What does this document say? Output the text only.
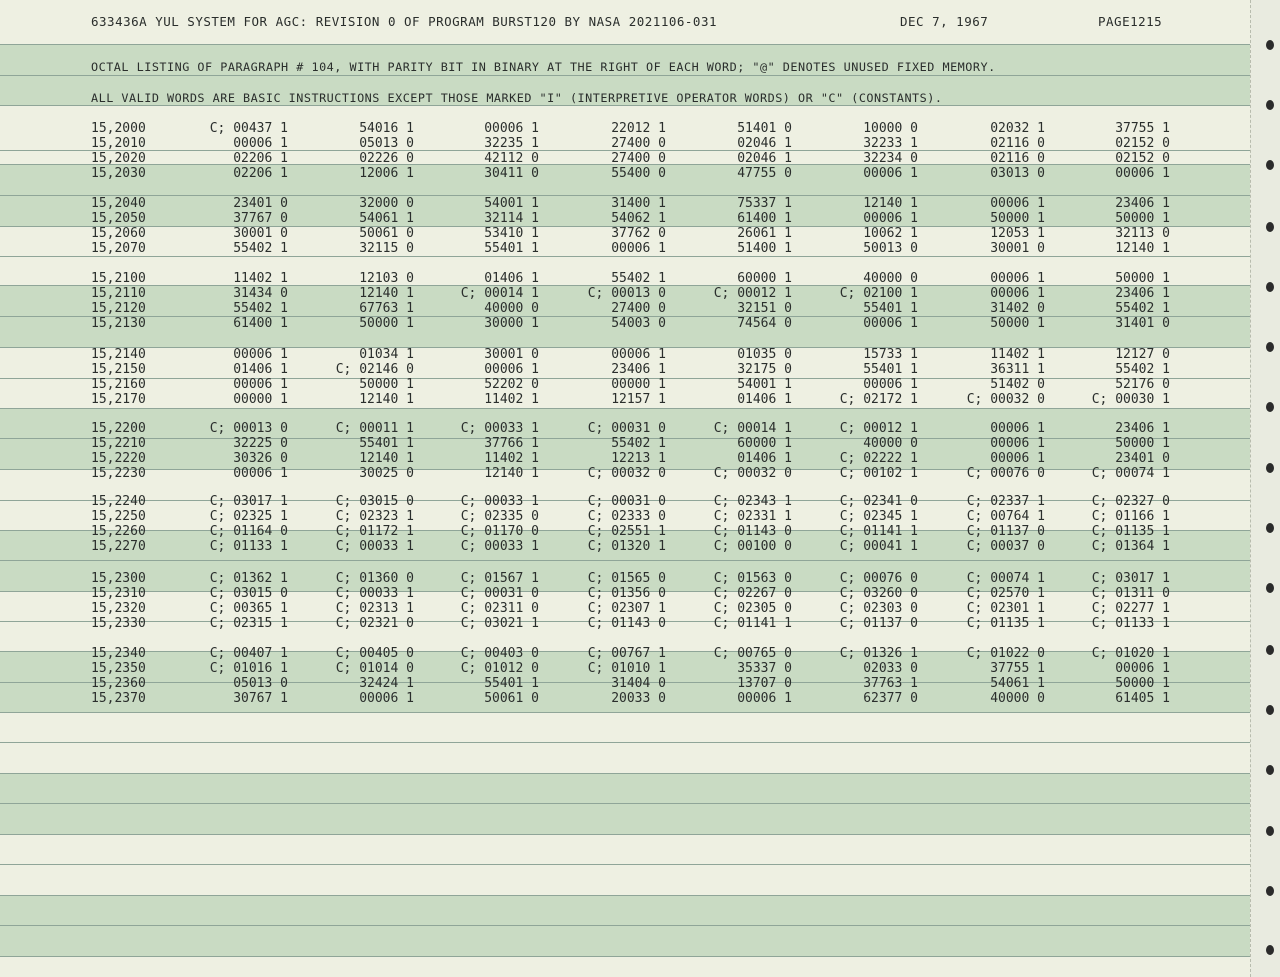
633436A YUL SYSTEM FOR AGC: REVISION 0 OF PROGRAM BURST120 BY NASA 2021106-031	DEC 7, 1967	PAGE1215
OCTAL LISTING OF PARAGRAPH # 104, WITH PARITY BIT IN BINARY AT THE RIGHT OF EACH WORD; "@" DENOTES UNUSED FIXED MEMORY.
ALL VALID WORDS ARE BASIC INSTRUCTIONS EXCEPT THOSE MARKED "I" (INTERPRETIVE OPERATOR WORDS) OR "C" (CONSTANTS).
15,2000	C; 00437 1	54016 1	00006 1	22012 1	51401 0	10000 0	02032 1	37755 1
15,2010	00006 1	05013 0	32235 1	27400 0	02046 1	32233 1	02116 0	02152 0
15,2020	02206 1	02226 0	42112 0	27400 0	02046 1	32234 0	02116 0	02152 0
15,2030	02206 1	12006 1	30411 0	55400 0	47755 0	00006 1	03013 0	00006 1
15,2040	23401 0	32000 0	54001 1	31400 1	75337 1	12140 1	00006 1	23406 1
15,2050	37767 0	54061 1	32114 1	54062 1	61400 1	00006 1	50000 1	50000 1
15,2060	30001 0	50061 0	53410 1	37762 0	26061 1	10062 1	12053 1	32113 0
15,2070	55402 1	32115 0	55401 1	00006 1	51400 1	50013 0	30001 0	12140 1
15,2100	11402 1	12103 0	01406 1	55402 1	60000 1	40000 0	00006 1	50000 1
15,2110	31434 0	12140 1	C; 00014 1	C; 00013 0	C; 00012 1	C; 02100 1	00006 1	23406 1
15,2120	55402 1	67763 1	40000 0	27400 0	32151 0	55401 1	31402 0	55402 1
15,2130	61400 1	50000 1	30000 1	54003 0	74564 0	00006 1	50000 1	31401 0
15,2140	00006 1	01034 1	30001 0	00006 1	01035 0	15733 1	11402 1	12127 0
15,2150	01406 1	C; 02146 0	00006 1	23406 1	32175 0	55401 1	36311 1	55402 1
15,2160	00006 1	50000 1	52202 0	00000 1	54001 1	00006 1	51402 0	52176 0
15,2170	00000 1	12140 1	11402 1	12157 1	01406 1	C; 02172 1	C; 00032 0	C; 00030 1
15,2200	C; 00013 0	C; 00011 1	C; 00033 1	C; 00031 0	C; 00014 1	C; 00012 1	00006 1	23406 1
15,2210	32225 0	55401 1	37766 1	55402 1	60000 1	40000 0	00006 1	50000 1
15,2220	30326 0	12140 1	11402 1	12213 1	01406 1	C; 02222 1	00006 1	23401 0
15,2230	00006 1	30025 0	12140 1	C; 00032 0	C; 00032 0	C; 00102 1	C; 00076 0	C; 00074 1
15,2240	C; 03017 1	C; 03015 0	C; 00033 1	C; 00031 0	C; 02343 1	C; 02341 0	C; 02337 1	C; 02327 0
15,2250	C; 02325 1	C; 02323 1	C; 02335 0	C; 02333 0	C; 02331 1	C; 02345 1	C; 00764 1	C; 01166 1
15,2260	C; 01164 0	C; 01172 1	C; 01170 0	C; 02551 1	C; 01143 0	C; 01141 1	C; 01137 0	C; 01135 1
15,2270	C; 01133 1	C; 00033 1	C; 00033 1	C; 01320 1	C; 00100 0	C; 00041 1	C; 00037 0	C; 01364 1
15,2300	C; 01362 1	C; 01360 0	C; 01567 1	C; 01565 0	C; 01563 0	C; 00076 0	C; 00074 1	C; 03017 1
15,2310	C; 03015 0	C; 00033 1	C; 00031 0	C; 01356 0	C; 02267 0	C; 03260 0	C; 02570 1	C; 01311 0
15,2320	C; 00365 1	C; 02313 1	C; 02311 0	C; 02307 1	C; 02305 0	C; 02303 0	C; 02301 1	C; 02277 1
15,2330	C; 02315 1	C; 02321 0	C; 03021 1	C; 01143 0	C; 01141 1	C; 01137 0	C; 01135 1	C; 01133 1
15,2340	C; 00407 1	C; 00405 0	C; 00403 0	C; 00767 1	C; 00765 0	C; 01326 1	C; 01022 0	C; 01020 1
15,2350	C; 01016 1	C; 01014 0	C; 01012 0	C; 01010 1	35337 0	02033 0	37755 1	00006 1
15,2360	05013 0	32424 1	55401 1	31404 0	13707 0	37763 1	54061 1	50000 1
15,2370	30767 1	00006 1	50061 0	20033 0	00006 1	62377 0	40000 0	61405 1
